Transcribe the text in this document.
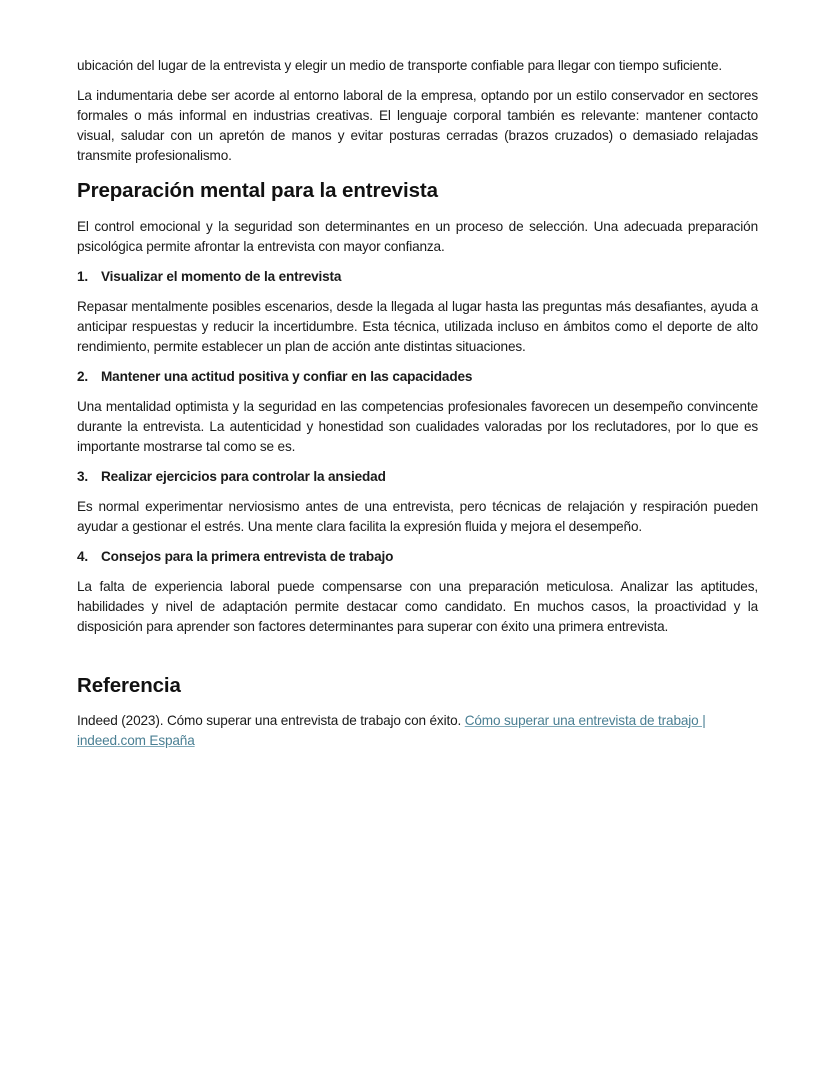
ubicación del lugar de la entrevista y elegir un medio de transporte confiable para llegar con tiempo suficiente.

La indumentaria debe ser acorde al entorno laboral de la empresa, optando por un estilo conservador en sectores formales o más informal en industrias creativas. El lenguaje corporal también es relevante: mantener contacto visual, saludar con un apretón de manos y evitar posturas cerradas (brazos cruzados) o demasiado relajadas transmite profesionalismo.

Preparación mental para la entrevista

El control emocional y la seguridad son determinantes en un proceso de selección. Una adecuada preparación psicológica permite afrontar la entrevista con mayor confianza.

1. Visualizar el momento de la entrevista

Repasar mentalmente posibles escenarios, desde la llegada al lugar hasta las preguntas más desafiantes, ayuda a anticipar respuestas y reducir la incertidumbre. Esta técnica, utilizada incluso en ámbitos como el deporte de alto rendimiento, permite establecer un plan de acción ante distintas situaciones.

2. Mantener una actitud positiva y confiar en las capacidades

Una mentalidad optimista y la seguridad en las competencias profesionales favorecen un desempeño convincente durante la entrevista. La autenticidad y honestidad son cualidades valoradas por los reclutadores, por lo que es importante mostrarse tal como se es.

3. Realizar ejercicios para controlar la ansiedad

Es normal experimentar nerviosismo antes de una entrevista, pero técnicas de relajación y respiración pueden ayudar a gestionar el estrés. Una mente clara facilita la expresión fluida y mejora el desempeño.

4. Consejos para la primera entrevista de trabajo

La falta de experiencia laboral puede compensarse con una preparación meticulosa. Analizar las aptitudes, habilidades y nivel de adaptación permite destacar como candidato. En muchos casos, la proactividad y la disposición para aprender son factores determinantes para superar con éxito una primera entrevista.

Referencia

Indeed (2023). Cómo superar una entrevista de trabajo con éxito. Cómo superar una entrevista de trabajo | indeed.com España
